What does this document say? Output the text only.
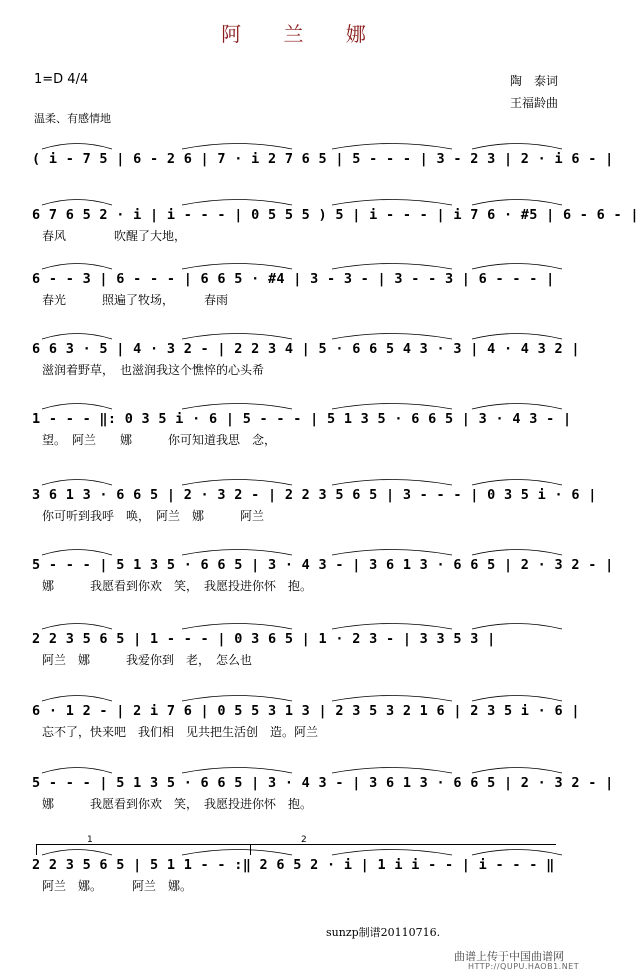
阿 兰 娜
1=D 4/4	陶　泰词
王福龄曲
温柔、有感情地
( i - 7 5 | 6 - 2 6 | 7 · i 2 7 6 5 | 5 - - - | 3 - 2 3 | 2 · i 6 - |
6 7 6 5 2 · i | i - - - | 0 5 5 5 ) 5 | i - - - | i 7 6 · #5 | 6 - 6 - |
春风　　　　吹醒了大地，
6 - - 3 | 6 - - - | 6 6 5 · #4 | 3 - 3 - | 3 - - 3 | 6 - - - |
春光　　　照遍了牧场，　　　春雨
6 6 3 · 5 | 4 · 3 2 - | 2 2 3 4 | 5 · 6 6 5 4 3 · 3 | 4 · 4 3 2 |
滋润着野草，　也滋润我这个憔悴的心头希
1 - - - ‖: 0 3 5 i · 6 | 5 - - - | 5 1 3 5 · 6 6 5 | 3 · 4 3 - |
望。　阿兰　　娜　　　你可知道我思　念，
3 6 1 3 · 6 6 5 | 2 · 3 2 - | 2 2 3 5 6 5 | 3 - - - | 0 3 5 i · 6 |
你可听到我呼　唤，　阿兰　娜　　　阿兰
5 - - - | 5 1 3 5 · 6 6 5 | 3 · 4 3 - | 3 6 1 3 · 6 6 5 | 2 · 3 2 - |
娜　　　我愿看到你欢　笑，　我愿投进你怀　抱。
2 2 3 5 6 5 | 1 - - - | 0 3 6 5 | 1 · 2 3 - | 3 3 5 3 |
阿兰　娜　　　我爱你到　老，　怎么也
6 · 1 2 - | 2 i 7 6 | 0 5 5 3 1 3 | 2 3 5 3 2 1 6 | 2 3 5 i · 6 |
忘不了，快来吧　我们相　见共把生活创　造。阿兰
5 - - - | 5 1 3 5 · 6 6 5 | 3 · 4 3 - | 3 6 1 3 · 6 6 5 | 2 · 3 2 - |
娜　　　我愿看到你欢　笑，　我愿投进你怀　抱。
2 2 3 5 6 5 | 5 1 1 - - :‖ 2 6 5 2 · i | 1 i i - - | i - - - ‖
阿兰　娜。　　　阿兰　娜。
1	2
sunzp制谱20110716.
曲谱上传于中国曲谱网
HTTP://QUPU.HAOB1.NET
